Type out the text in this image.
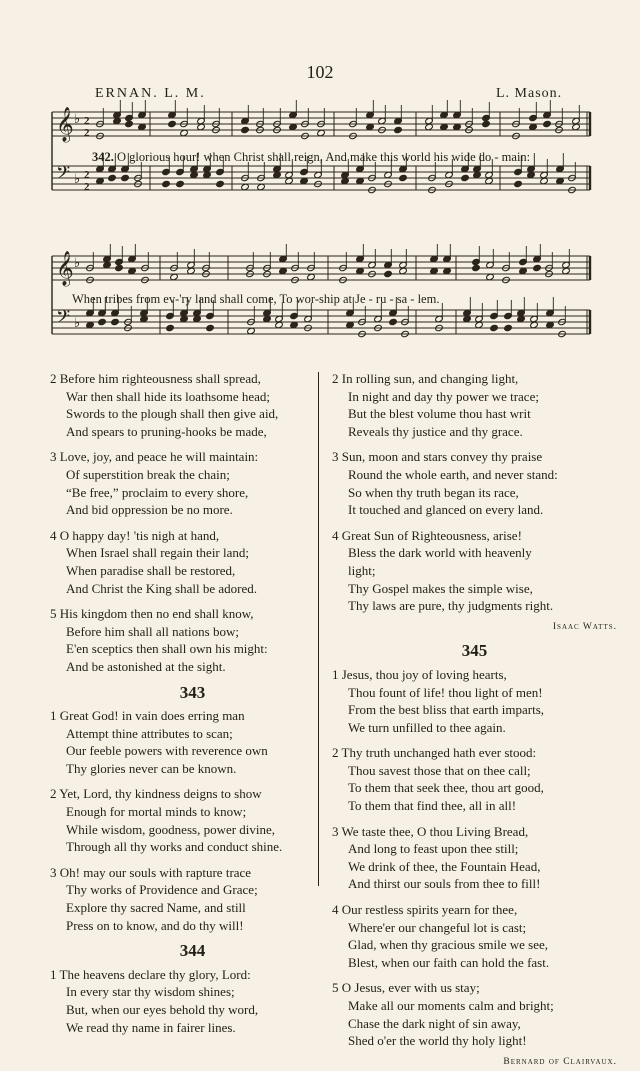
102
ERNAN. L. M.	L. Mason.
𝄞 ♭ 2
2
𝄢 ♭ 2
2
342. O glorious hour! when Christ shall reign, And make this world his wide do - main:
𝄞 ♭
𝄢 ♭
When tribes from ev-'ry land shall come, To wor-ship at Je - ru - sa - lem.
2 Before him righteousness shall spread,
War then shall hide its loathsome head;
Swords to the plough shall then give aid,
And spears to pruning-hooks be made,
3 Love, joy, and peace he will maintain:
Of superstition break the chain;
“Be free,” proclaim to every shore,
And bid oppression be no more.
4 O happy day! 'tis nigh at hand,
When Israel shall regain their land;
When paradise shall be restored,
And Christ the King shall be adored.
5 His kingdom then no end shall know,
Before him shall all nations bow;
E'en sceptics then shall own his might:
And be astonished at the sight.
343
1 Great God! in vain does erring man
Attempt thine attributes to scan;
Our feeble powers with reverence own
Thy glories never can be known.
2 Yet, Lord, thy kindness deigns to show
Enough for mortal minds to know;
While wisdom, goodness, power divine,
Through all thy works and conduct shine.
3 Oh! may our souls with rapture trace
Thy works of Providence and Grace;
Explore thy sacred Name, and still
Press on to know, and do thy will!
344
1 The heavens declare thy glory, Lord:
In every star thy wisdom shines;
But, when our eyes behold thy word,
We read thy name in fairer lines.
2 In rolling sun, and changing light,
In night and day thy power we trace;
But the blest volume thou hast writ
Reveals thy justice and thy grace.
3 Sun, moon and stars convey thy praise
Round the whole earth, and never stand:
So when thy truth began its race,
It touched and glanced on every land.
4 Great Sun of Righteousness, arise!
Bless the dark world with heavenly
light;
Thy Gospel makes the simple wise,
Thy laws are pure, thy judgments right.
Isaac Watts.
345
1 Jesus, thou joy of loving hearts,
Thou fount of life! thou light of men!
From the best bliss that earth imparts,
We turn unfilled to thee again.
2 Thy truth unchanged hath ever stood:
Thou savest those that on thee call;
To them that seek thee, thou art good,
To them that find thee, all in all!
3 We taste thee, O thou Living Bread,
And long to feast upon thee still;
We drink of thee, the Fountain Head,
And thirst our souls from thee to fill!
4 Our restless spirits yearn for thee,
Where'er our changeful lot is cast;
Glad, when thy gracious smile we see,
Blest, when our faith can hold the fast.
5 O Jesus, ever with us stay;
Make all our moments calm and bright;
Chase the dark night of sin away,
Shed o'er the world thy holy light!
Bernard of Clairvaux.
